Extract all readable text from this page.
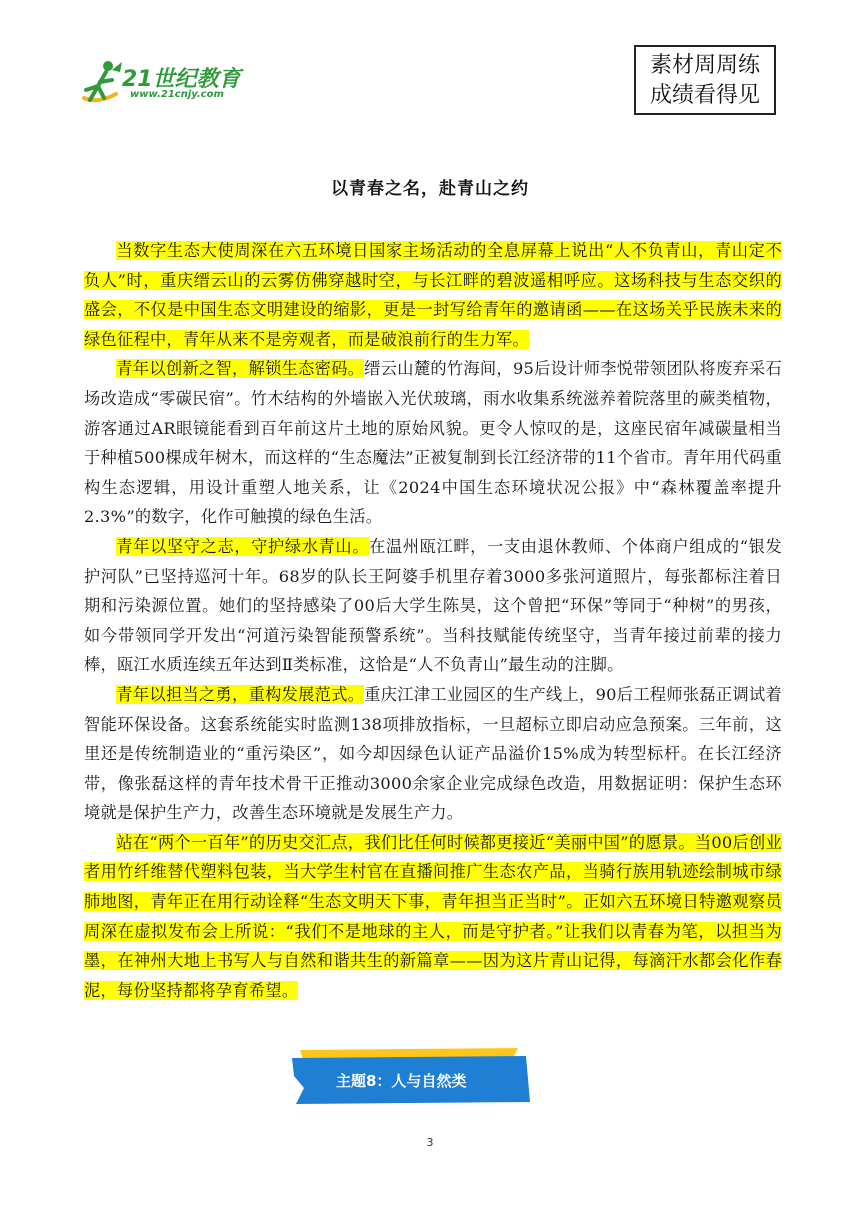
21世纪教育
www.21cnjy.com
素材周周练
成绩看得见
以青春之名，赴青山之约

当数字生态大使周深在六五环境日国家主场活动的全息屏幕上说出“人不负青山，青山定不负人”时，重庆缙云山的云雾仿佛穿越时空，与长江畔的碧波遥相呼应。这场科技与生态交织的盛会，不仅是中国生态文明建设的缩影，更是一封写给青年的邀请函——在这场关乎民族未来的绿色征程中，青年从来不是旁观者，而是破浪前行的生力军。

青年以创新之智，解锁生态密码。缙云山麓的竹海间，95后设计师李悦带领团队将废弃采石场改造成“零碳民宿”。竹木结构的外墙嵌入光伏玻璃，雨水收集系统滋养着院落里的蕨类植物，游客通过AR眼镜能看到百年前这片土地的原始风貌。更令人惊叹的是，这座民宿年减碳量相当于种植500棵成年树木，而这样的“生态魔法”正被复制到长江经济带的11个省市。青年用代码重构生态逻辑，用设计重塑人地关系，让《2024中国生态环境状况公报》中“森林覆盖率提升2.3%”的数字，化作可触摸的绿色生活。

青年以坚守之志，守护绿水青山。在温州瓯江畔，一支由退休教师、个体商户组成的“银发护河队”已坚持巡河十年。68岁的队长王阿婆手机里存着3000多张河道照片，每张都标注着日期和污染源位置。她们的坚持感染了00后大学生陈昊，这个曾把“环保”等同于“种树”的男孩，如今带领同学开发出“河道污染智能预警系统”。当科技赋能传统坚守，当青年接过前辈的接力棒，瓯江水质连续五年达到Ⅱ类标准，这恰是“人不负青山”最生动的注脚。

青年以担当之勇，重构发展范式。重庆江津工业园区的生产线上，90后工程师张磊正调试着智能环保设备。这套系统能实时监测138项排放指标，一旦超标立即启动应急预案。三年前，这里还是传统制造业的“重污染区”，如今却因绿色认证产品溢价15%成为转型标杆。在长江经济带，像张磊这样的青年技术骨干正推动3000余家企业完成绿色改造，用数据证明：保护生态环境就是保护生产力，改善生态环境就是发展生产力。

站在“两个一百年”的历史交汇点，我们比任何时候都更接近“美丽中国”的愿景。当00后创业者用竹纤维替代塑料包装，当大学生村官在直播间推广生态农产品，当骑行族用轨迹绘制城市绿肺地图，青年正在用行动诠释“生态文明天下事，青年担当正当时”。正如六五环境日特邀观察员周深在虚拟发布会上所说：“我们不是地球的主人，而是守护者。”让我们以青春为笔，以担当为墨，在神州大地上书写人与自然和谐共生的新篇章——因为这片青山记得，每滴汗水都会化作春泥，每份坚持都将孕育希望。

主题8：人与自然类
3
